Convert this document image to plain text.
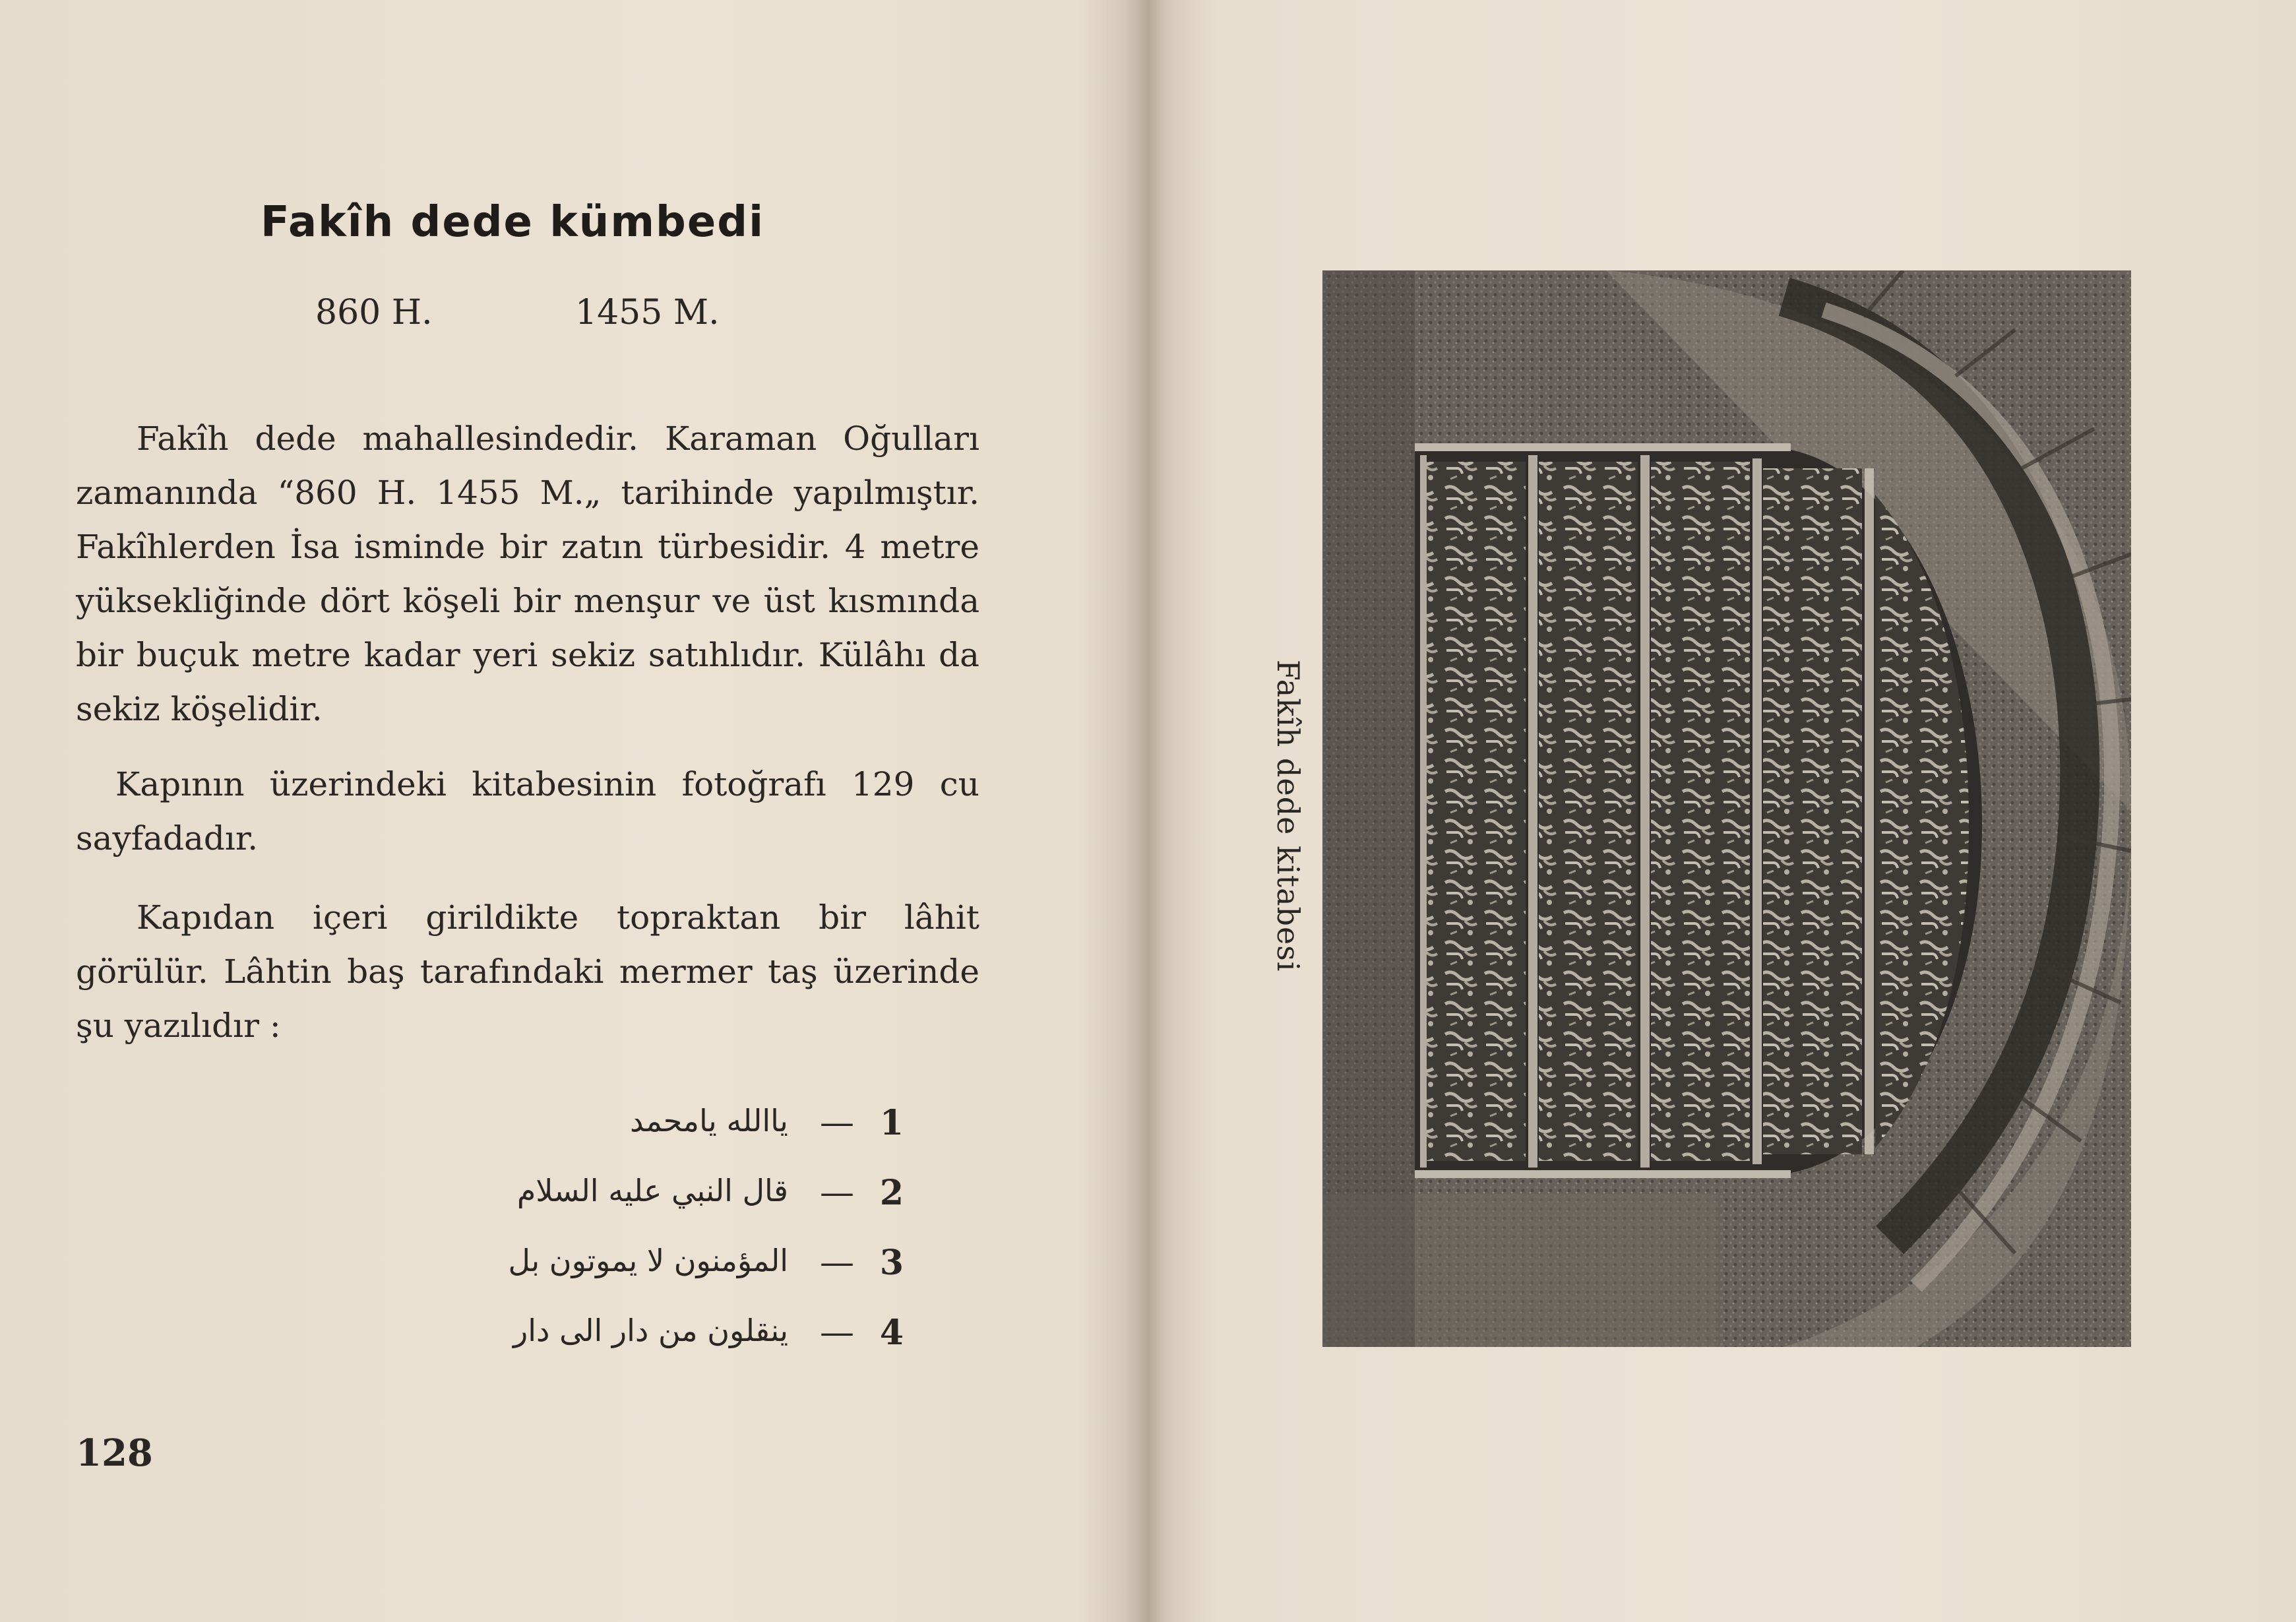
Fakîh dede kümbedi
860 H.	1455 M.
Fakîh dede mahallesindedir. Karaman Oğulları zamanında “860 H. 1455 M.„ tarihinde yapılmıştır. Fakîhlerden İsa isminde bir zatın türbesidir. 4 metre yüksekliğinde dört köşeli bir menşur ve üst kısmında bir buçuk metre kadar yeri sekiz satıhlıdır. Külâhı da sekiz köşelidir.
Kapının üzerindeki kitabesinin fotoğrafı 129 cu sayfadadır.
Kapıdan içeri girildikte topraktan bir lâhit görülür. Lâhtin baş tarafındaki mermer taş üzerinde şu yazılıdır :
1
—
ياالله يامحمد
2
—
قال النبي عليه السلام
3
—
المؤمنون لا يموتون بل
4
—
ينقلون من دار الى دار
128
Fakîh dede kitabesi
